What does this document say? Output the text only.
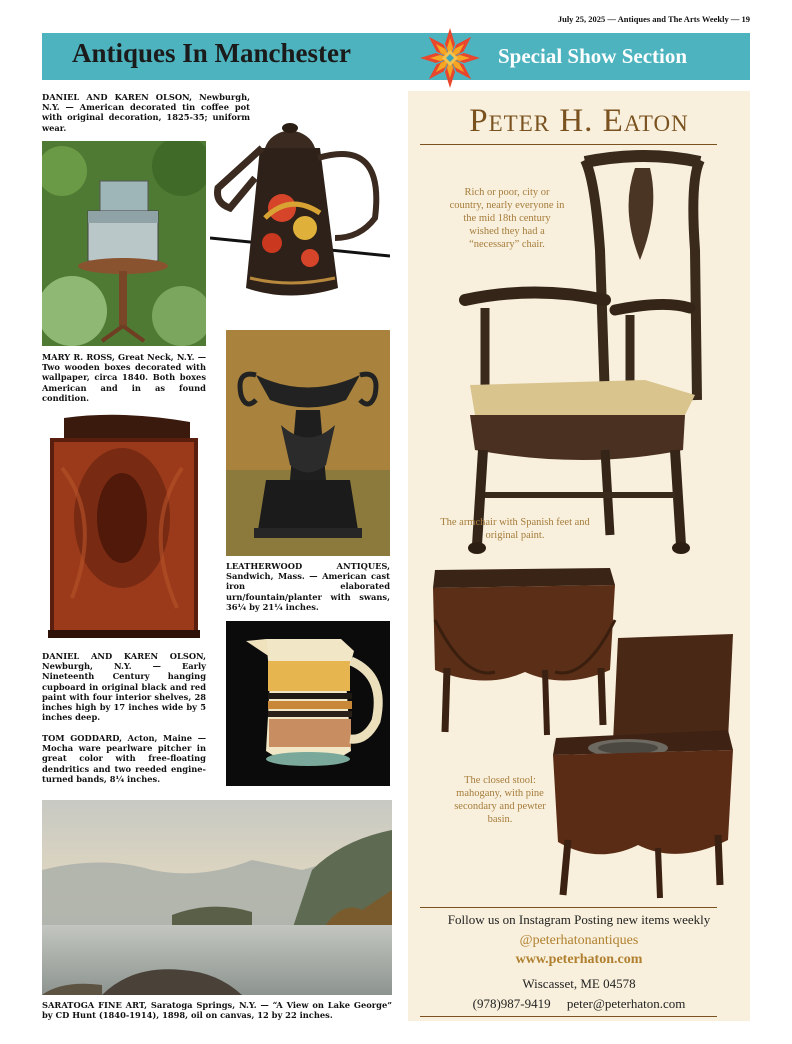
July 25, 2025 — Antiques and The Arts Weekly — 19
Antiques In Manchester	Special Show Section
DANIEL AND KAREN OLSON, Newburgh, N.Y. — American decorated tin coffee pot with original decoration, 1825-35; uniform wear.
MARY R. ROSS, Great Neck, N.Y. — Two wooden boxes decorated with wallpaper, circa 1840. Both boxes American and in as found condition.
LEATHERWOOD ANTIQUES, Sandwich, Mass. — American cast iron elaborated urn/fountain/planter with swans, 36¼ by 21¼ inches.
DANIEL AND KAREN OLSON, Newburgh, N.Y. — Early Nineteenth Century hanging cupboard in original black and red paint with four interior shelves, 28 inches high by 17 inches wide by 5 inches deep.
TOM GODDARD, Acton, Maine — Mocha ware pearlware pitcher in great color with free-floating dendritics and two reeded engine-turned bands, 8¼ inches.
SARATOGA FINE ART, Saratoga Springs, N.Y. — “A View on Lake George” by CD Hunt (1840-1914), 1898, oil on canvas, 12 by 22 inches.
Peter H. Eaton
Rich or poor, city or country, nearly everyone in the mid 18th century wished they had a “necessary” chair.
The armchair with Spanish feet and original paint.
The closed stool: mahogany, with pine secondary and pewter basin.
Follow us on Instagram Posting new items weekly
@peterhatonantiques
www.peterhaton.com
Wiscasset, ME 04578
(978)987-9419 peter@peterhaton.com
